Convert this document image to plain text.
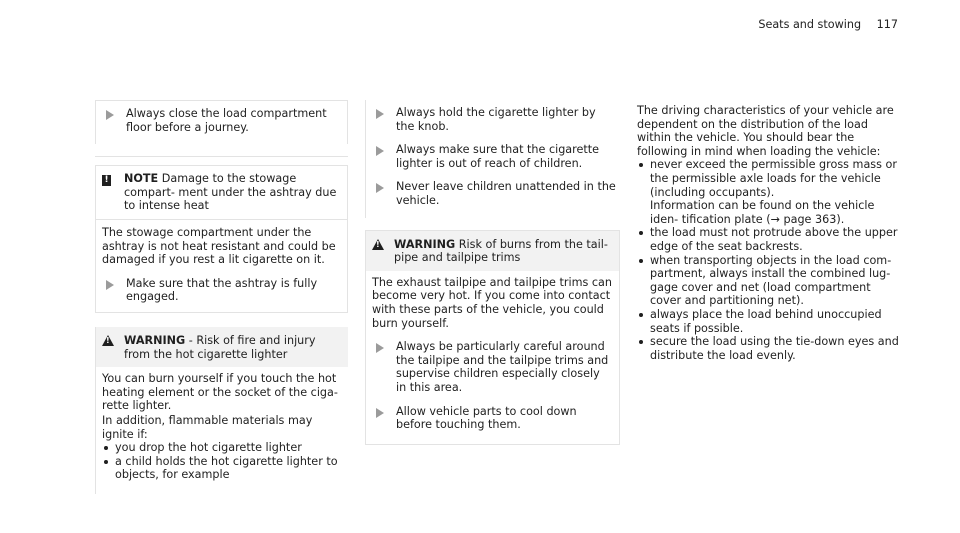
Seats and stowing 117
Always close the load compartment floor before a journey.
!	NOTE Damage to the stowage compart- ment under the ashtray due to intense heat

The stowage compartment under the ashtray is not heat resistant and could be damaged if you rest a lit cigarette on it.

Make sure that the ashtray is fully engaged.
!
WARNING - Risk of fire and injury from the hot cigarette lighter

You can burn yourself if you touch the hot heating element or the socket of the ciga- rette lighter.

In addition, flammable materials may ignite if:

you drop the hot cigarette lighter
a child holds the hot cigarette lighter to objects, for example
Always hold the cigarette lighter by the knob.
Always make sure that the cigarette lighter is out of reach of children.
Never leave children unattended in the vehicle.
!
WARNING Risk of burns from the tail- pipe and tailpipe trims

The exhaust tailpipe and tailpipe trims can become very hot. If you come into contact with these parts of the vehicle, you could burn yourself.

Always be particularly careful around the tailpipe and the tailpipe trims and supervise children especially closely in this area.
Allow vehicle parts to cool down before touching them.

The driving characteristics of your vehicle are dependent on the distribution of the load within the vehicle. You should bear the following in mind when loading the vehicle:

never exceed the permissible gross mass or the permissible axle loads for the vehicle (including occupants).
Information can be found on the vehicle iden- tification plate (→ page 363).
the load must not protrude above the upper edge of the seat backrests.
when transporting objects in the load com- partment, always install the combined lug- gage cover and net (load compartment cover and partitioning net).
always place the load behind unoccupied seats if possible.
secure the load using the tie-down eyes and distribute the load evenly.
